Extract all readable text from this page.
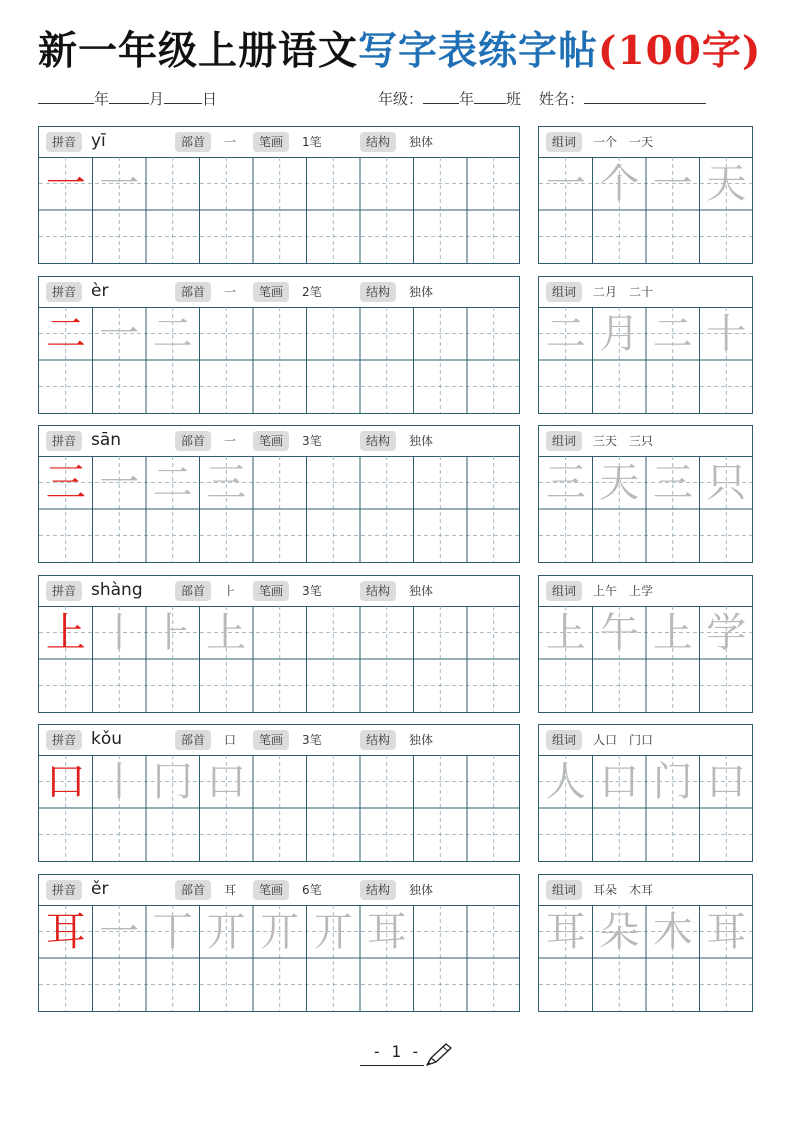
新一年级上册语文写字表练字帖(100字)
年	月	日	年级： 年 班 姓名：
拼音 yī	部首	一	笔画	1笔	结构	独体
一 一
组词	一个　一天
一 个 一 天
拼音 èr	部首	一	笔画	2笔	结构	独体
二 一 二
组词	二月　二十
二 月 二 十
拼音 sān	部首	一	笔画	3笔	结构	独体
三 一 二 三
组词	三天　三只
三 天 三 只
拼音 shàng	部首	⺊	笔画	3笔	结构	独体
上 丨 ⺊ 上
组词	上午　上学
上 午 上 学
拼音 kǒu	部首	口	笔画	3笔	结构	独体
口 丨 冂 口
组词	人口　门口
人 口 门 口
拼音 ěr	部首	耳	笔画	6笔	结构	独体
耳 一 丅 丌 丌 丌 耳
组词	耳朵　木耳
耳 朵 木 耳
- 1 -
